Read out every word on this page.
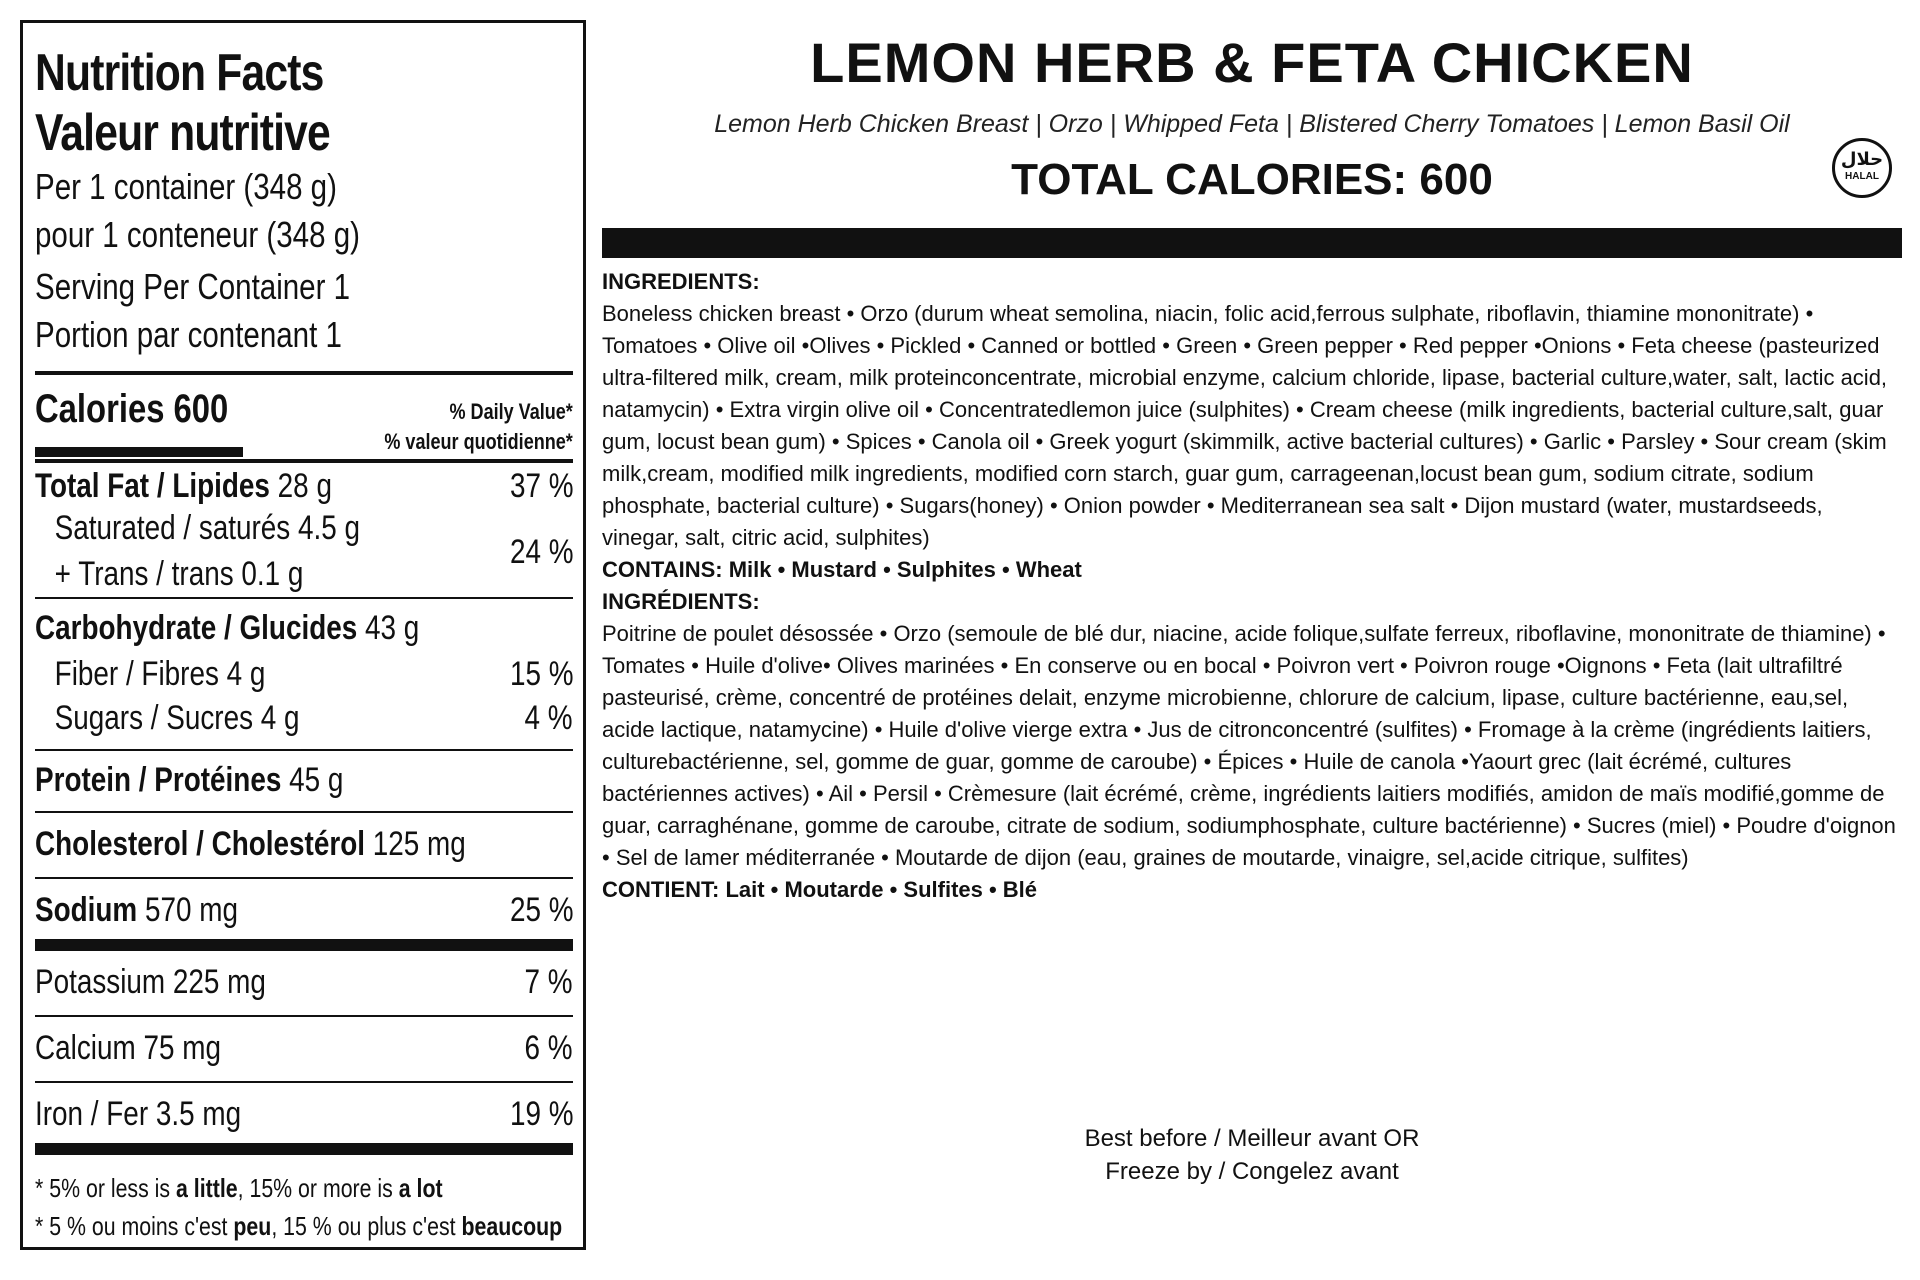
Nutrition Facts
Valeur nutritive
Per 1 container (348 g)
pour 1 conteneur (348 g)
Serving Per Container 1
Portion par contenant 1
Calories 600	% Daily Value*
% valeur quotidienne*
Total Fat / Lipides 28 g	37 %
Saturated / saturés 4.5 g
+ Trans / trans 0.1 g
24 %
Carbohydrate / Glucides 43 g
Fiber / Fibres 4 g	15 %
Sugars / Sucres 4 g	4 %
Protein / Protéines 45 g
Cholesterol / Cholestérol 125 mg
Sodium 570 mg	25 %
Potassium 225 mg	7 %
Calcium 75 mg	6 %
Iron / Fer 3.5 mg	19 %
* 5% or less is a little, 15% or more is a lot
* 5 % ou moins c'est peu, 15 % ou plus c'est beaucoup
LEMON HERB & FETA CHICKEN
Lemon Herb Chicken Breast | Orzo | Whipped Feta | Blistered Cherry Tomatoes | Lemon Basil Oil
TOTAL CALORIES: 600	حلال
HALAL

INGREDIENTS:

Boneless chicken breast • Orzo (durum wheat semolina, niacin, folic acid,ferrous sulphate, riboflavin, thiamine mononitrate) • Tomatoes • Olive oil •Olives • Pickled • Canned or bottled • Green • Green pepper • Red pepper •Onions • Feta cheese (pasteurized ultra-filtered milk, cream, milk proteinconcentrate, microbial enzyme, calcium chloride, lipase, bacterial culture,water, salt, lactic acid, natamycin) • Extra virgin olive oil • Concentratedlemon juice (sulphites) • Cream cheese (milk ingredients, bacterial culture,salt, guar gum, locust bean gum) • Spices • Canola oil • Greek yogurt (skimmilk, active bacterial cultures) • Garlic • Parsley • Sour cream (skim milk,cream, modified milk ingredients, modified corn starch, guar gum, carrageenan,locust bean gum, sodium citrate, sodium phosphate, bacterial culture) • Sugars(honey) • Onion powder • Mediterranean sea salt • Dijon mustard (water, mustardseeds, vinegar, salt, citric acid, sulphites)

CONTAINS: Milk • Mustard • Sulphites • Wheat

INGRÉDIENTS:

Poitrine de poulet désossée • Orzo (semoule de blé dur, niacine, acide folique,sulfate ferreux, riboflavine, mononitrate de thiamine) • Tomates • Huile d'olive• Olives marinées • En conserve ou en bocal • Poivron vert • Poivron rouge •Oignons • Feta (lait ultrafiltré pasteurisé, crème, concentré de protéines delait, enzyme microbienne, chlorure de calcium, lipase, culture bactérienne, eau,sel, acide lactique, natamycine) • Huile d'olive vierge extra • Jus de citronconcentré (sulfites) • Fromage à la crème (ingrédients laitiers, culturebactérienne, sel, gomme de guar, gomme de caroube) • Épices • Huile de canola •Yaourt grec (lait écrémé, cultures bactériennes actives) • Ail • Persil • Crèmesure (lait écrémé, crème, ingrédients laitiers modifiés, amidon de maïs modifié,gomme de guar, carraghénane, gomme de caroube, citrate de sodium, sodiumphosphate, culture bactérienne) • Sucres (miel) • Poudre d'oignon • Sel de lamer méditerranée • Moutarde de dijon (eau, graines de moutarde, vinaigre, sel,acide citrique, sulfites)

CONTIENT: Lait • Moutarde • Sulfites • Blé

Best before / Meilleur avant OR
Freeze by / Congelez avant
